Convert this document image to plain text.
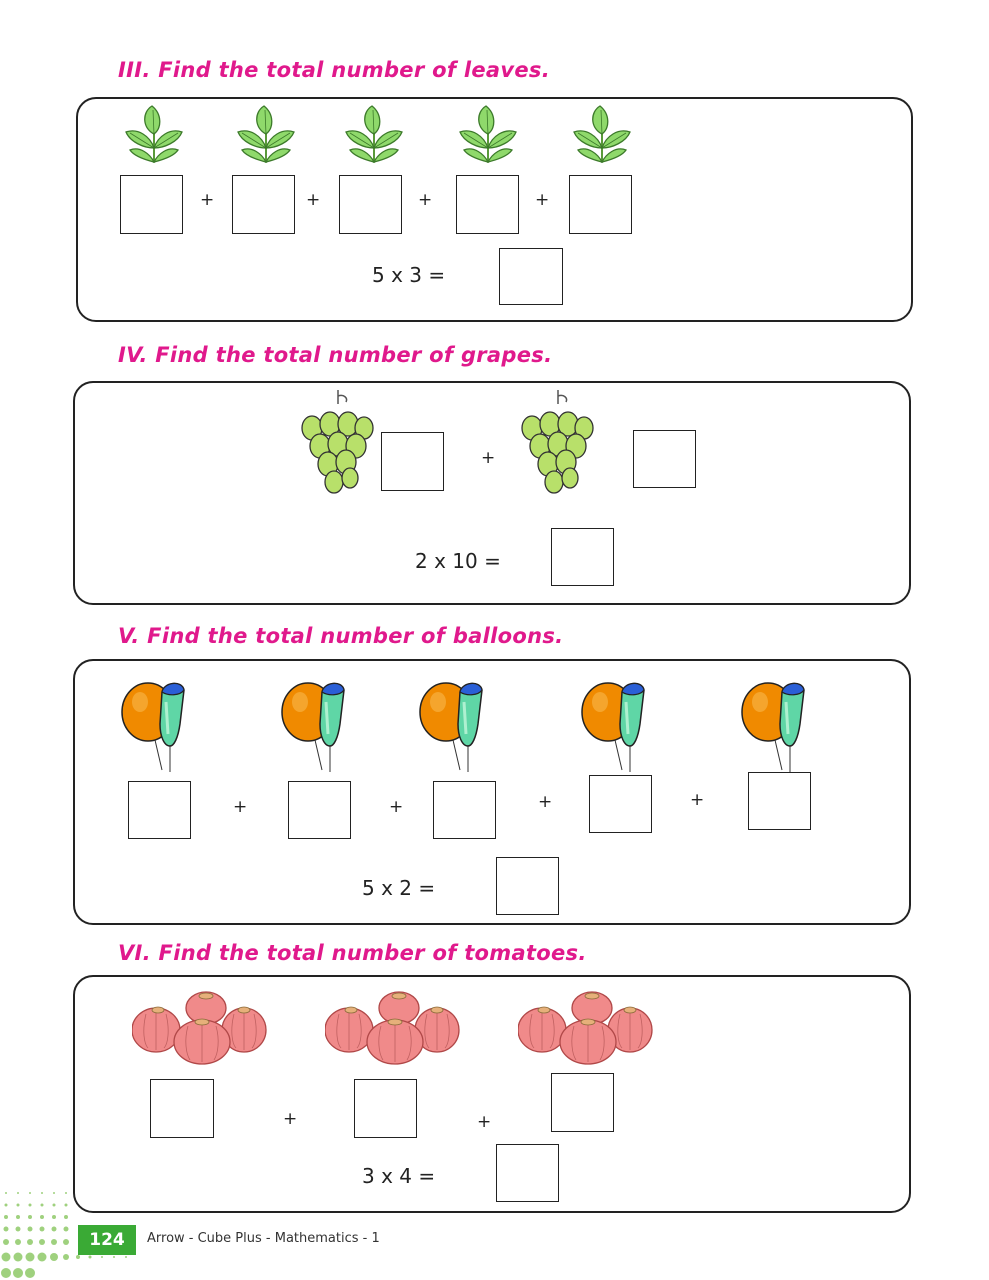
III. Find the total number of leaves.
+	+	+	+
5 x 3 =
IV. Find the total number of grapes.
+
2 x 10 =
V. Find the total number of balloons.
+	+	+	+
5 x 2 =
VI. Find the total number of tomatoes.
+	+
3 x 4 =
124	Arrow - Cube Plus - Mathematics - 1
